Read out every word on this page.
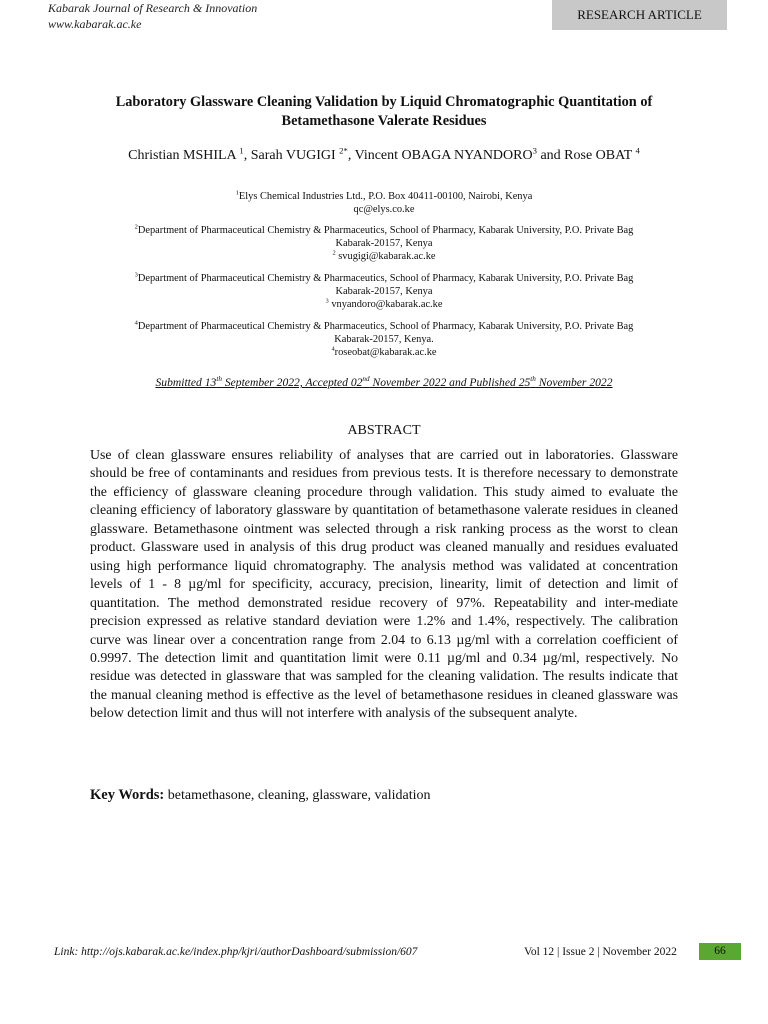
Kabarak Journal of Research & Innovation
www.kabarak.ac.ke
RESEARCH ARTICLE
Laboratory Glassware Cleaning Validation by Liquid Chromatographic Quantitation of
Betamethasone Valerate Residues
Christian MSHILA $^1$, Sarah VUGIGI $^{2*}$, Vincent OBAGA NYANDORO$^3$ and Rose OBAT $^4$
$^1$Elys Chemical Industries Ltd., P.O. Box 40411-00100, Nairobi, Kenya
qc@elys.co.ke
$^2$Department of Pharmaceutical Chemistry & Pharmaceutics, School of Pharmacy, Kabarak University, P.O. Private Bag
Kabarak-20157, Kenya
$^2$ svugigi@kabarak.ac.ke
$^3$Department of Pharmaceutical Chemistry & Pharmaceutics, School of Pharmacy, Kabarak University, P.O. Private Bag
Kabarak-20157, Kenya
$^3$ vnyandoro@kabarak.ac.ke
$^4$Department of Pharmaceutical Chemistry & Pharmaceutics, School of Pharmacy, Kabarak University, P.O. Private Bag
Kabarak-20157, Kenya.
$^4$roseobat@kabarak.ac.ke
Submitted 13th September 2022, Accepted 02nd November 2022 and Published 25th November 2022
ABSTRACT
Use of clean glassware ensures reliability of analyses that are carried out in laboratories. Glassware should be free of contaminants and residues from previous tests. It is therefore necessary to demonstrate the efficiency of glassware cleaning procedure through validation. This study aimed to evaluate the cleaning efficiency of laboratory glassware by quantitation of betamethasone valerate residues in cleaned glassware. Betamethasone ointment was selected through a risk ranking process as the worst to clean product. Glassware used in analysis of this drug product was cleaned manually and residues evaluated using high performance liquid chromatography. The analysis method was validated at concentration levels of 1 - 8 µg/ml for specificity, accuracy, precision, linearity, limit of detection and limit of quantitation. The method demonstrated residue recovery of 97%. Repeatability and inter-mediate precision expressed as relative standard deviation were 1.2% and 1.4%, respectively. The calibration curve was linear over a concentration range from 2.04 to 6.13 µg/ml with a correlation coefficient of 0.9997. The detection limit and quantitation limit were 0.11 µg/ml and 0.34 µg/ml, respectively. No residue was detected in glassware that was sampled for the cleaning validation. The results indicate that the manual cleaning method is effective as the level of betamethasone residues in cleaned glassware was below detection limit and thus will not interfere with analysis of the subsequent analyte.
Key Words: betamethasone, cleaning, glassware, validation
Link: http://ojs.kabarak.ac.ke/index.php/kjri/authorDashboard/submission/607	Vol 12 | Issue 2 | November 2022	66
